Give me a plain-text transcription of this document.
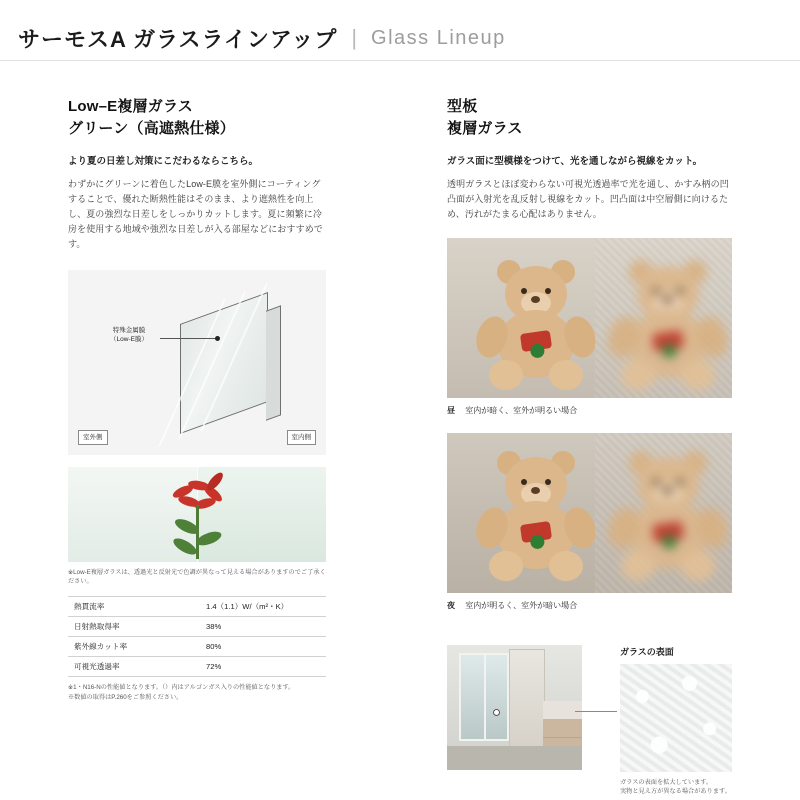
サーモスA ガラスラインアップ | Glass Lineup
Low–E複層ガラス
グリーン（高遮熱仕様）

より夏の日差し対策にこだわるならこちら。

わずかにグリーンに着色したLow-E膜を室外側にコーティングすることで、優れた断熱性能はそのまま、より遮熱性を向上し、夏の強烈な日差しをしっかりカットします。夏に頻繁に冷房を使用する地域や強烈な日差しが入る部屋などにおすすめです。

特殊金属膜
（Low-E膜）
室外側	室内側
※Low-E複層ガラスは、透過光と反射光で色調が異なって見える場合がありますのでご了承ください。
熱貫流率	1.4（1.1）W/（m²・K）
日射熱取得率	38%
紫外線カット率	80%
可視光透過率	72%
※1・N16-Nの性能値となります。（）内はアルゴンガス入りの性能値となります。
※数値の取得はP.260をご参照ください。
型板
複層ガラス

ガラス面に型模様をつけて、光を通しながら視線をカット。

透明ガラスとほぼ変わらない可視光透過率で光を通し、かすみ柄の凹凸面が入射光を乱反射し視線をカット。凹凸面は中空層側に向けるため、汚れがたまる心配はありません。

昼 室内が暗く、室外が明るい場合
夜 室内が明るく、室外が暗い場合
ガラスの表面
ガラスの表面を拡大しています。
実物と見え方が異なる場合があります。
